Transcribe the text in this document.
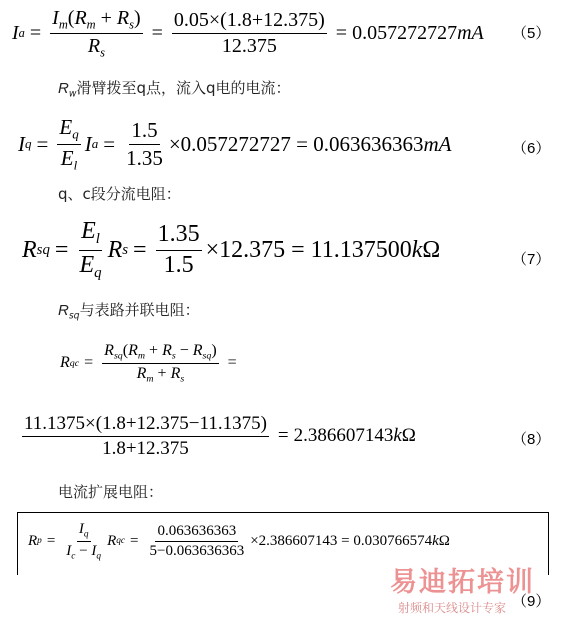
I $a = \frac{I_m(R_m + R_s)}{R_s} = \frac{0.05\times(1.8+12.375)}{12.375} = 0.057272727mA$ （5）
$R_w$滑臂拨至q点，流入q电的电流：
I $q = \frac{E_q}{E_l}$ I $a = \frac{1.5}{1.35} \times 0.057272727 = 0.063636363mA$	（6）
q、c段分流电阻：
R sq = $\frac{E_l}{E_q}$ R $s = \frac{1.35}{1.5} \times 12.375 = 11.137500k\Omega$	（7）
$R_{sq}$与表路并联电阻：
R qc = $\frac{R_{sq}(R_m + R_s - R_{sq})}{R_m + R_s}$ =
$\frac{11.1375\times(1.8+12.375-11.1375)}{1.8+12.375} = 2.386607143k\Omega$	（8）
电流扩展电阻：
R $p = \frac{I_q}{I_c - I_q}$ R qc = $\frac{0.063636363}{5-0.063636363} \times 2.386607143 = 0.030766574k\Omega$
（9）
易迪拓培训
射频和天线设计专家
